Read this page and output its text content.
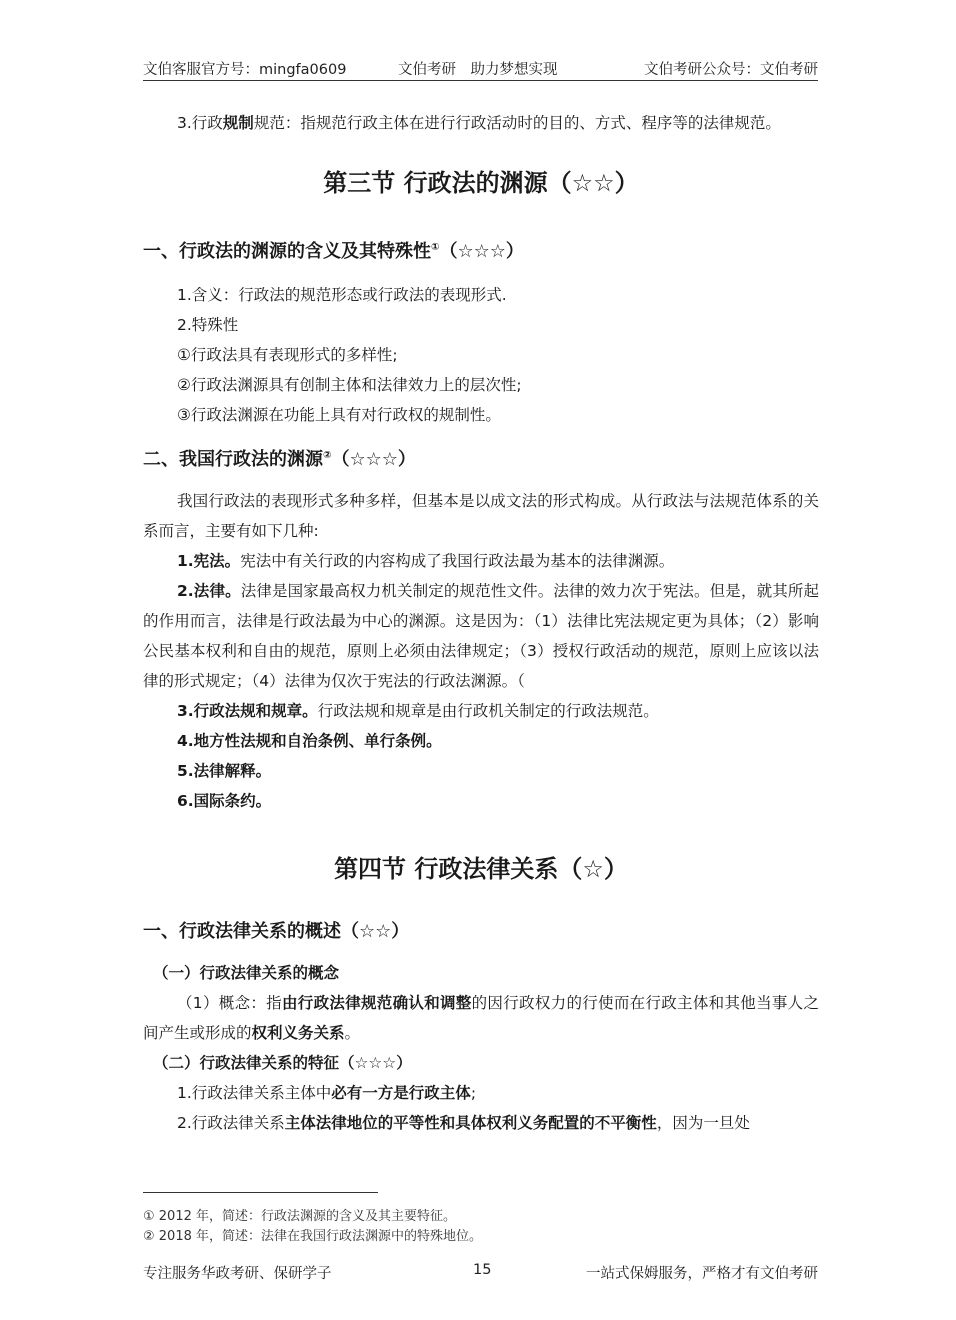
文伯客服官方号：mingfa0609	文伯考研　助力梦想实现	文伯考研公众号：文伯考研

3.行政规制规范：指规范行政主体在进行行政活动时的目的、方式、程序等的法律规范。

第三节 行政法的渊源（☆☆）
一、行政法的渊源的含义及其特殊性①（☆☆☆）

1.含义：行政法的规范形态或行政法的表现形式.

2.特殊性

①行政法具有表现形式的多样性;

②行政法渊源具有创制主体和法律效力上的层次性;

③行政法渊源在功能上具有对行政权的规制性。

二、我国行政法的渊源②（☆☆☆）

我国行政法的表现形式多种多样，但基本是以成文法的形式构成。从行政法与法规范体系的关系而言，主要有如下几种:

1.宪法。宪法中有关行政的内容构成了我国行政法最为基本的法律渊源。

2.法律。法律是国家最高权力机关制定的规范性文件。法律的效力次于宪法。但是，就其所起的作用而言，法律是行政法最为中心的渊源。这是因为：（1）法律比宪法规定更为具体；（2）影响公民基本权利和自由的规范，原则上必须由法律规定；（3）授权行政活动的规范，原则上应该以法律的形式规定；（4）法律为仅次于宪法的行政法渊源。（

3.行政法规和规章。行政法规和规章是由行政机关制定的行政法规范。

4.地方性法规和自治条例、单行条例。

5.法律解释。

6.国际条约。

第四节 行政法律关系（☆）
一、行政法律关系的概述（☆☆）

（一）行政法律关系的概念

（1）概念：指由行政法律规范确认和调整的因行政权力的行使而在行政主体和其他当事人之间产生或形成的权利义务关系。

（二）行政法律关系的特征（☆☆☆）

1.行政法律关系主体中必有一方是行政主体;

2.行政法律关系主体法律地位的平等性和具体权利义务配置的不平衡性，因为一旦处

① 2012 年，简述：行政法渊源的含义及其主要特征。
② 2018 年，简述：法律在我国行政法渊源中的特殊地位。
专注服务华政考研、保研学子	15	一站式保姆服务，严格才有文伯考研
